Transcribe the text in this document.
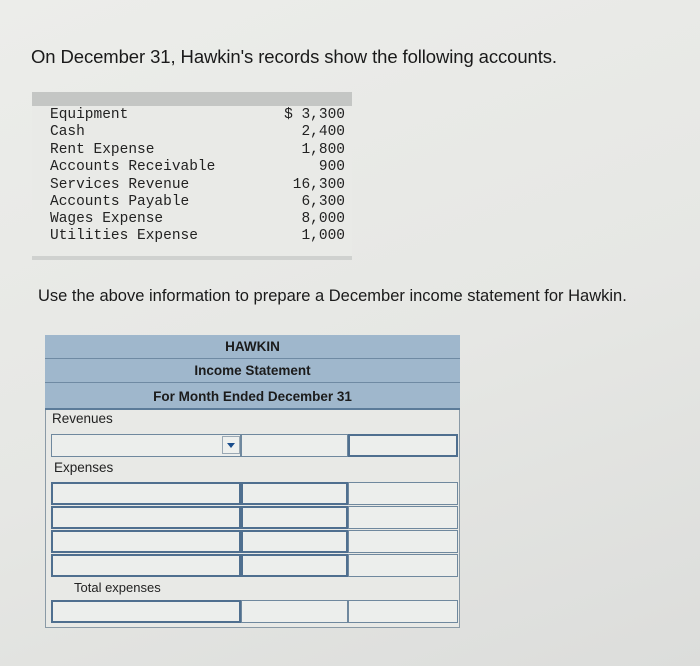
On December 31, Hawkin's records show the following accounts.
Equipment	$ 3,300
Cash	2,400
Rent Expense	1,800
Accounts Receivable	900
Services Revenue	16,300
Accounts Payable	6,300
Wages Expense	8,000
Utilities Expense	1,000
Use the above information to prepare a December income statement for Hawkin.
HAWKIN
Income Statement
For Month Ended December 31
Revenues
Expenses
Total expenses
